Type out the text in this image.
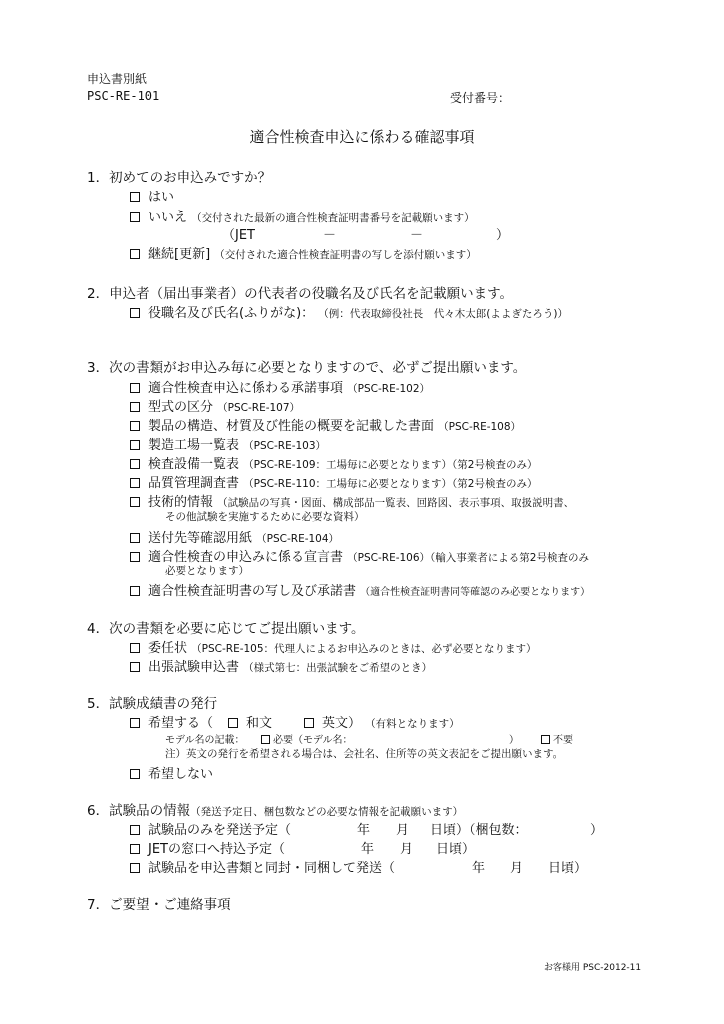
申込書別紙
PSC-RE-101	受付番号：
適合性検査申込に係わる確認事項
1．初めてのお申込みですか？
はい
いいえ （交付された最新の適合性検査証明書番号を記載願います）
（JET	－	－	）
継続[更新] （交付された適合性検査証明書の写しを添付願います）
2．申込者（届出事業者）の代表者の役職名及び氏名を記載願います。
役職名及び氏名(ふりがな)： （例：代表取締役社長　代々木太郎(よよぎたろう)）
3．次の書類がお申込み毎に必要となりますので、必ずご提出願います。
適合性検査申込に係わる承諾事項 （PSC-RE-102）
型式の区分 （PSC-RE-107）
製品の構造、材質及び性能の概要を記載した書面 （PSC-RE-108）
製造工場一覧表 （PSC-RE-103）
検査設備一覧表 （PSC-RE-109：工場毎に必要となります）（第2号検査のみ）
品質管理調査書 （PSC-RE-110：工場毎に必要となります）（第2号検査のみ）
技術的情報 （試験品の写真・図面、構成部品一覧表、回路図、表示事項、取扱説明書、
その他試験を実施するために必要な資料）
送付先等確認用紙 （PSC-RE-104）
適合性検査の申込みに係る宣言書 （PSC-RE-106）（輸入事業者による第2号検査のみ
必要となります）
適合性検査証明書の写し及び承諾書 （適合性検査証明書同等確認のみ必要となります）
4．次の書類を必要に応じてご提出願います。
委任状 （PSC-RE-105：代理人によるお申込みのときは、必ず必要となります）
出張試験申込書 （様式第七：出張試験をご希望のとき）
5．試験成績書の発行
希望する（	和文	英文） （有料となります）
モデル名の記載：	必要（モデル名：	）	不要
注）英文の発行を希望される場合は、会社名、住所等の英文表記をご提出願います。
希望しない
6．試験品の情報（発送予定日、梱包数などの必要な情報を記載願います）
試験品のみを発送予定（	年 月 日頃）（梱包数：	）
JETの窓口へ持込予定（	年 月 日頃）
試験品を申込書類と同封・同梱して発送（	年 月 日頃）
7．ご要望・ご連絡事項
お客様用 PSC-2012-11
